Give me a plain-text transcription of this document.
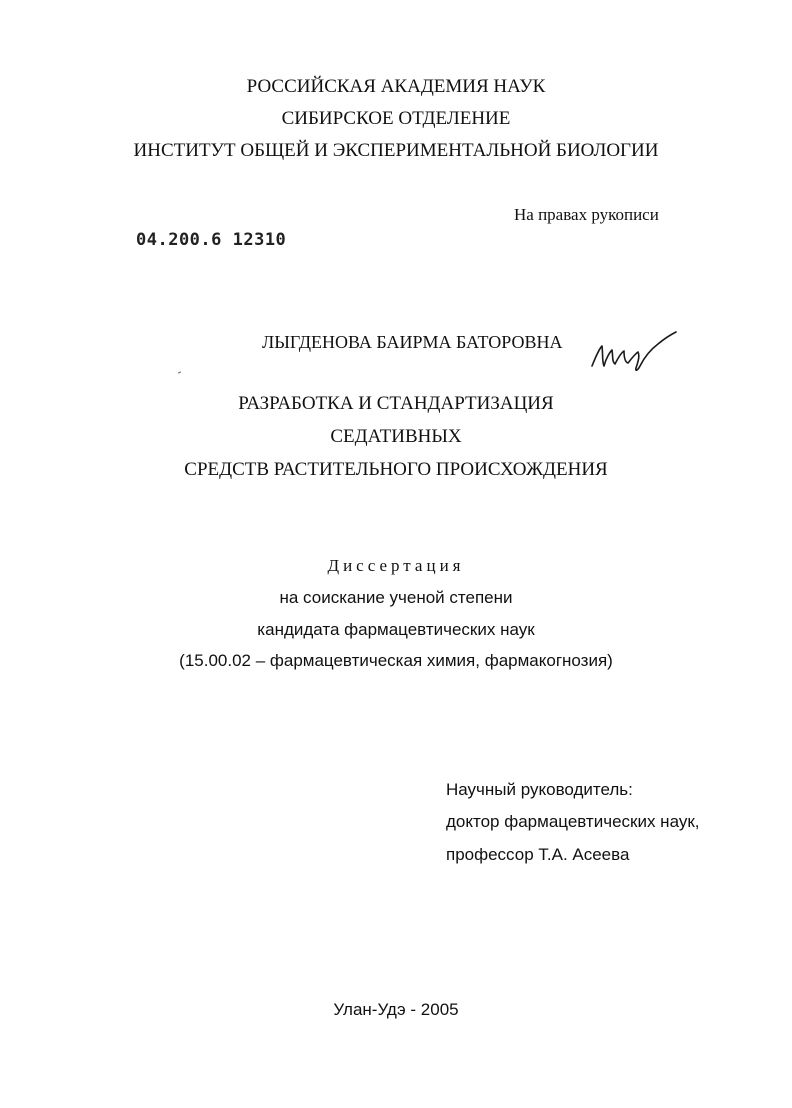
РОССИЙСКАЯ АКАДЕМИЯ НАУК
СИБИРСКОЕ ОТДЕЛЕНИЕ
ИНСТИТУТ ОБЩЕЙ И ЭКСПЕРИМЕНТАЛЬНОЙ БИОЛОГИИ
На правах рукописи
04.200.6 12310
ЛЫГДЕНОВА БАИРМА БАТОРОВНА
РАЗРАБОТКА И СТАНДАРТИЗАЦИЯ
СЕДАТИВНЫХ
СРЕДСТВ РАСТИТЕЛЬНОГО ПРОИСХОЖДЕНИЯ
Диссертация
на соискание ученой степени
кандидата фармацевтических наук
(15.00.02 – фармацевтическая химия, фармакогнозия)
Научный руководитель:
доктор фармацевтических наук,
профессор Т.А. Асеева
Улан-Удэ - 2005
